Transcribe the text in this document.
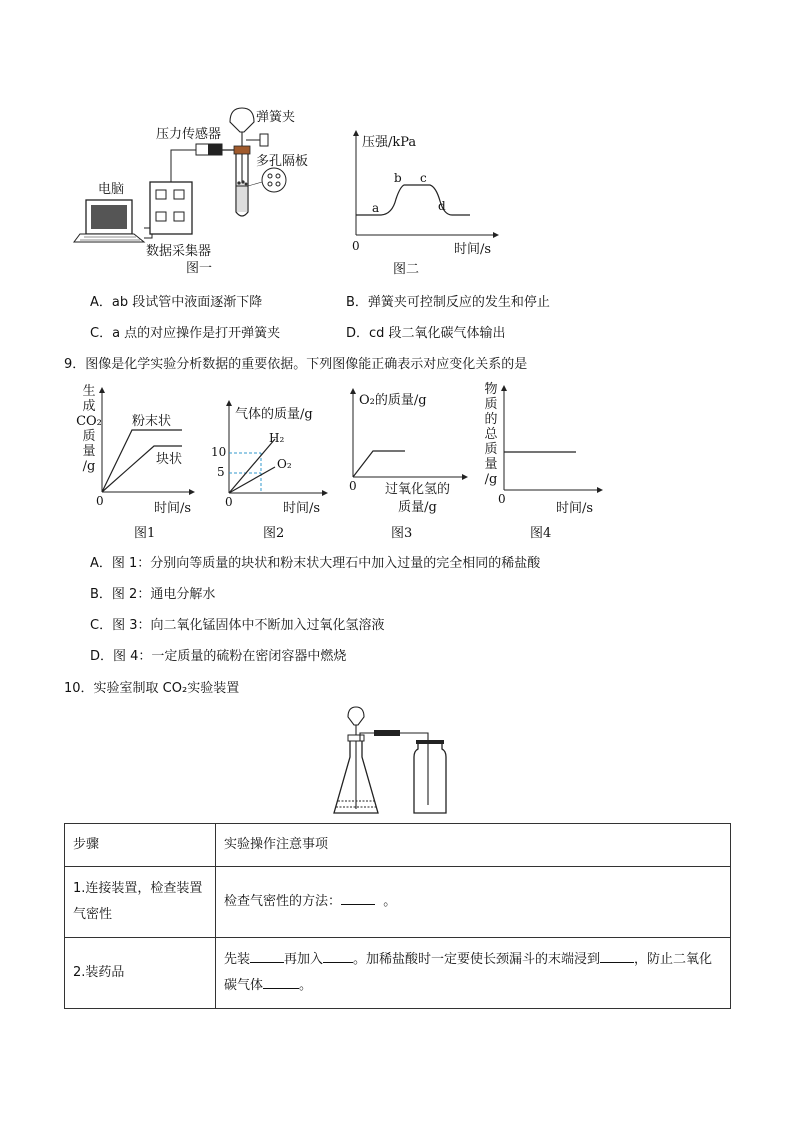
弹簧夹
压力传感器
多孔隔板
电脑
数据采集器
图一
压强/kPa
a
b c
d
0	时间/s
图二
A．ab 段试管中液面逐渐下降	B．弹簧夹可控制反应的发生和停止
C．a 点的对应操作是打开弹簧夹	D．cd 段二氧化碳气体输出
9．图像是化学实验分析数据的重要依据。下列图像能正确表示对应变化关系的是
生
成
CO₂
质
量
/g
粉末状
块状
0	时间/s
图1
气体的质量/g
10
5
H₂
O₂
0	时间/s
图2
O₂的质量/g
0 过氧化氢的
质量/g
图3
物
质
的
总
质
量
/g
0
时间/s
图4
A．图 1：分别向等质量的块状和粉末状大理石中加入过量的完全相同的稀盐酸
B．图 2：通电分解水
C．图 3：向二氧化锰固体中不断加入过氧化氢溶液
D．图 4：一定质量的硫粉在密闭容器中燃烧
10．实验室制取 CO₂实验装置
步骤	实验操作注意事项
1.连接装置，检查装置气密性	检查气密性的方法： 。
2.装药品	先装 再加入 。加稀盐酸时一定要使长颈漏斗的末端浸到 ，防止二氧化碳气体 。
